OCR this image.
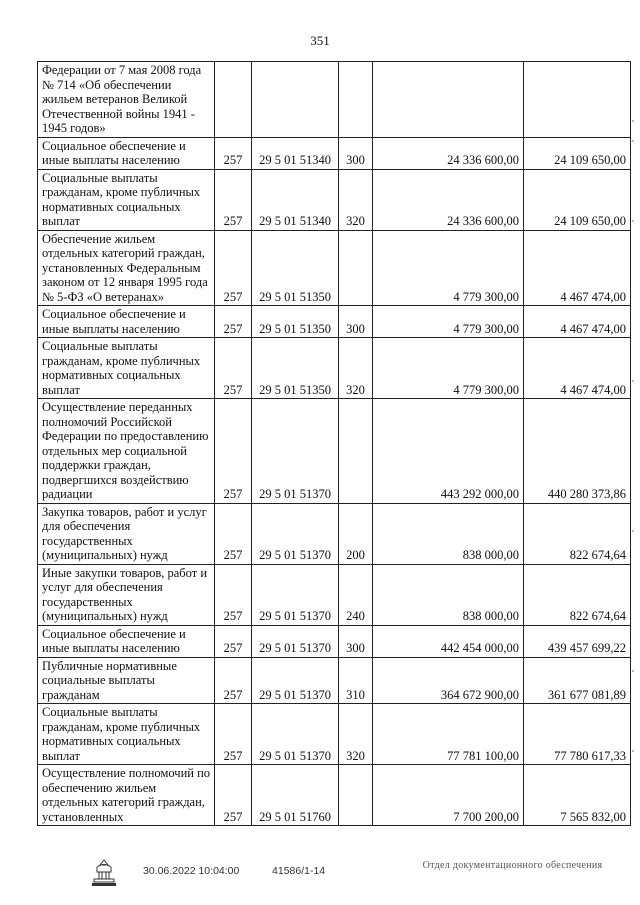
351
Федерации от 7 мая 2008 года № 714 «Об обеспечении жильем ветеранов Великой Отечественной войны 1941 - 1945 годов»					
Социальное обеспечение и иные выплаты населению	257	29 5 01 51340	300	24 336 600,00	24 109 650,00
Социальные выплаты гражданам, кроме публичных нормативных социальных выплат	257	29 5 01 51340	320	24 336 600,00	24 109 650,00
Обеспечение жильем отдельных категорий граждан, установленных Федеральным законом от 12 января 1995 года № 5-ФЗ «О ветеранах»	257	29 5 01 51350		4 779 300,00	4 467 474,00
Социальное обеспечение и иные выплаты населению	257	29 5 01 51350	300	4 779 300,00	4 467 474,00
Социальные выплаты гражданам, кроме публичных нормативных социальных выплат	257	29 5 01 51350	320	4 779 300,00	4 467 474,00
Осуществление переданных полномочий Российской Федерации по предоставлению отдельных мер социальной поддержки граждан, подвергшихся воздействию радиации	257	29 5 01 51370		443 292 000,00	440 280 373,86
Закупка товаров, работ и услуг для обеспечения государственных (муниципальных) нужд	257	29 5 01 51370	200	838 000,00	822 674,64
Иные закупки товаров, работ и услуг для обеспечения государственных (муниципальных) нужд	257	29 5 01 51370	240	838 000,00	822 674,64
Социальное обеспечение и иные выплаты населению	257	29 5 01 51370	300	442 454 000,00	439 457 699,22
Публичные нормативные социальные выплаты гражданам	257	29 5 01 51370	310	364 672 900,00	361 677 081,89
Социальные выплаты гражданам, кроме публичных нормативных социальных выплат	257	29 5 01 51370	320	77 781 100,00	77 780 617,33
Осуществление полномочий по обеспечению жильем отдельных категорий граждан, установленных	257	29 5 01 51760		7 700 200,00	7 565 832,00
30.06.2022 10:04:00	41586/1-14	Отдел документационного обеспечения
